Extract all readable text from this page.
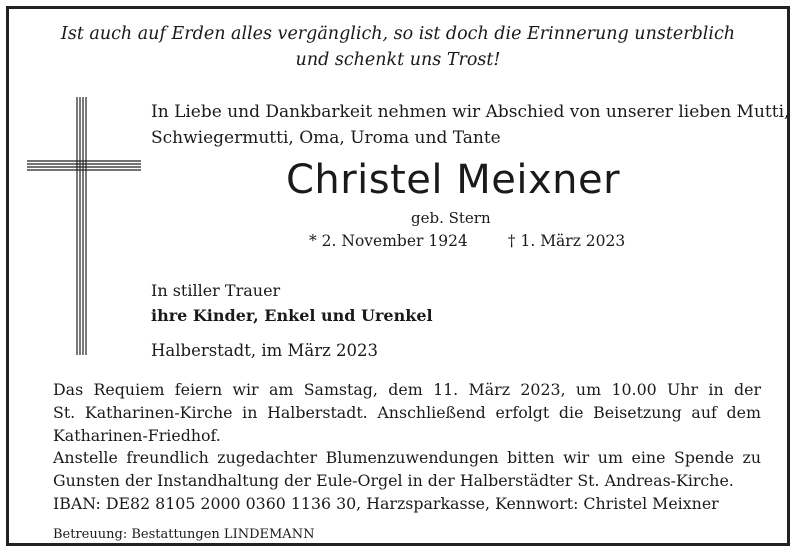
Ist auch auf Erden alles vergänglich, so ist doch die Erinnerung unsterblich
und schenkt uns Trost!
In Liebe und Dankbarkeit nehmen wir Abschied von unserer lieben Mutti,
Schwiegermutti, Oma, Uroma und Tante
Christel Meixner
geb. Stern
* 2. November 1924	† 1. März 2023
In stiller Trauer
ihre Kinder, Enkel und Urenkel
Halberstadt, im März 2023
Das Requiem feiern wir am Samstag, dem 11. März 2023, um 10.00 Uhr in der
St. Katharinen-Kirche in Halberstadt. Anschließend erfolgt die Beisetzung auf dem
Katharinen-Friedhof.
Anstelle freundlich zugedachter Blumenzuwendungen bitten wir um eine Spende zu
Gunsten der Instandhaltung der Eule-Orgel in der Halberstädter St. Andreas-Kirche.
IBAN: DE82 8105 2000 0360 1136 30, Harzsparkasse, Kennwort: Christel Meixner
Betreuung: Bestattungen LINDEMANN
